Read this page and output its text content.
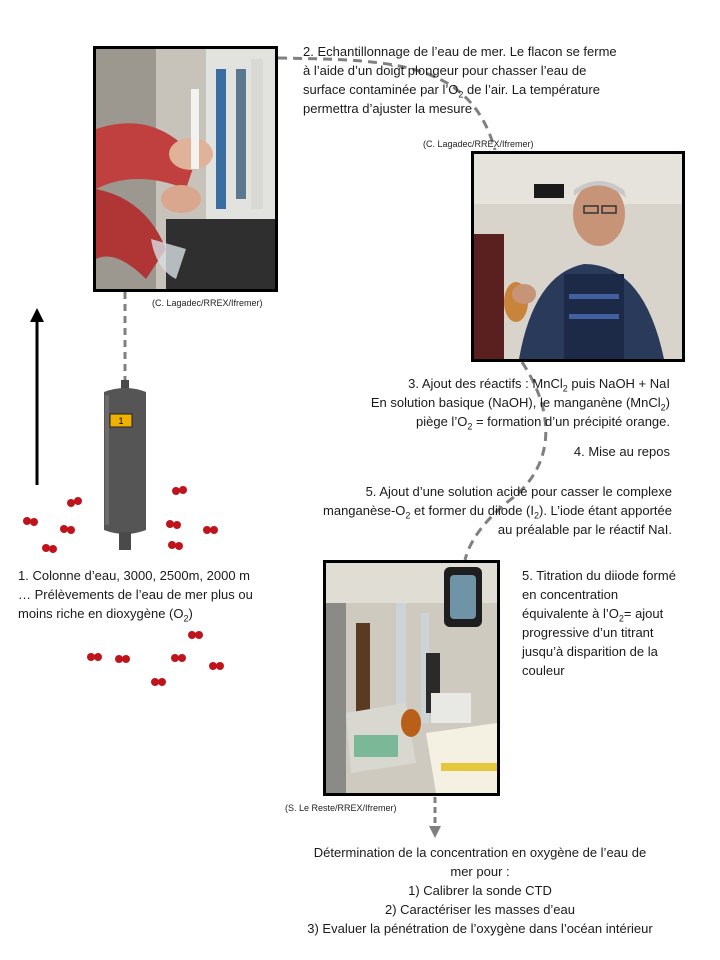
1
(C. Lagadec/RREX/Ifremer)
2. Echantillonnage de l’eau de mer. Le flacon se ferme
à l’aide d’un doigt plongeur pour chasser l’eau de
surface contaminée par $l’O_2$ de l’air. La température
permettra d’ajuster la mesure
(C. Lagadec/RREX/Ifremer)
3. Ajout des réactifs : MnCl$_2$ puis NaOH + NaI
En solution basique (NaOH), le manganène (MnCl$_2$)
piège $l’O_2$ = formation d’un précipité orange.
4. Mise au repos
5. Ajout d’une solution acide pour casser le complexe
manganèse-$O_2$ et former du diiode $(I_2)$. L’iode étant apportée
au préalable par le réactif NaI.
1. Colonne d’eau, 3000, 2500m, 2000 m … Prélèvements de l’eau de mer plus ou moins riche en dioxygène $(O_2)$
5. Titration du diiode formé
en concentration
équivalente à $l’O_2=$ ajout
progressive d’un titrant
jusqu’à disparition de la
couleur
(S. Le Reste/RREX/Ifremer)
Détermination de la concentration en oxygène de l’eau de
mer pour :
1) Calibrer la sonde CTD
2) Caractériser les masses d’eau
3) Evaluer la pénétration de l’oxygène dans l’océan intérieur
